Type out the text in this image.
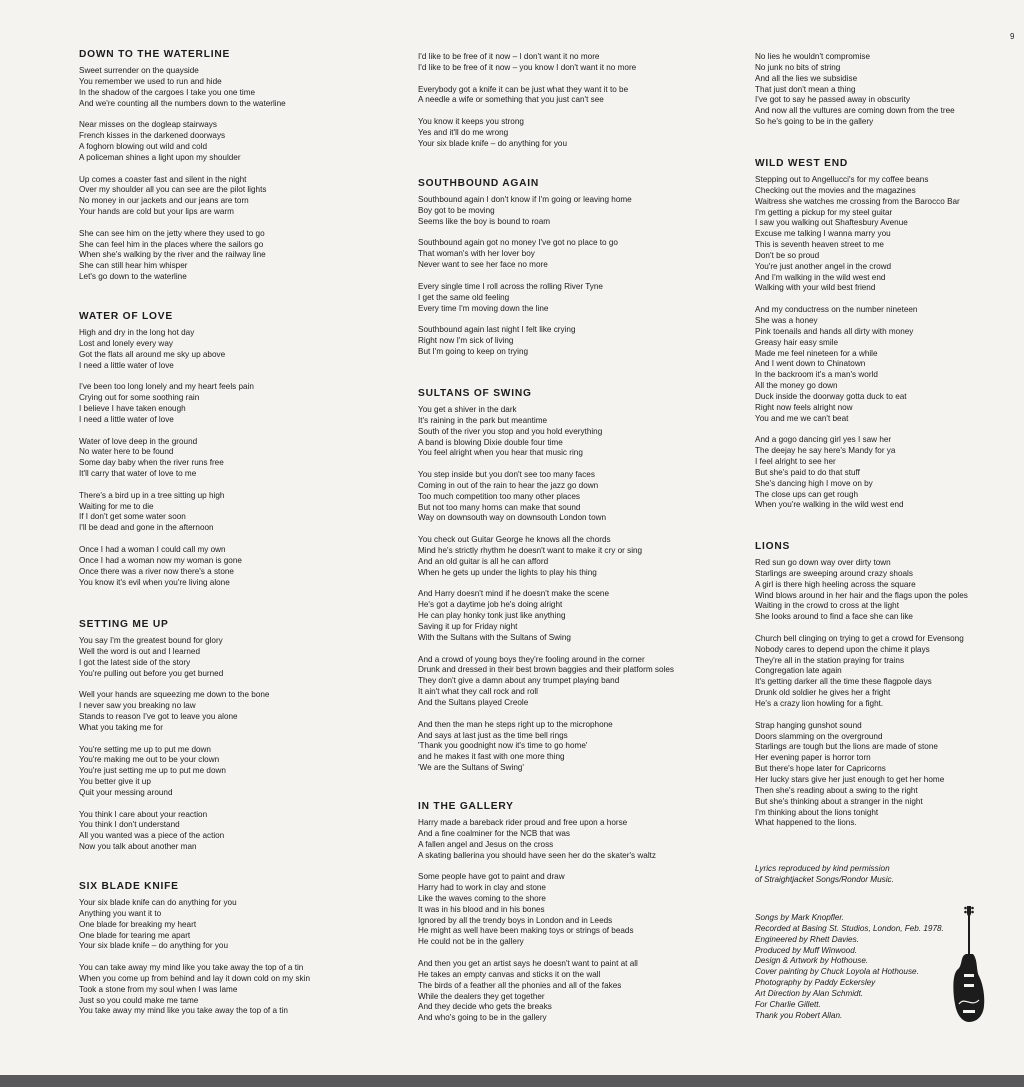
9
DOWN TO THE WATERLINE
Sweet surrender on the quayside
You remember we used to run and hide
In the shadow of the cargoes I take you one time
And we're counting all the numbers down to the waterline
Near misses on the dogleap stairways
French kisses in the darkened doorways
A foghorn blowing out wild and cold
A policeman shines a light upon my shoulder
Up comes a coaster fast and silent in the night
Over my shoulder all you can see are the pilot lights
No money in our jackets and our jeans are torn
Your hands are cold but your lips are warm
She can see him on the jetty where they used to go
She can feel him in the places where the sailors go
When she's walking by the river and the railway line
She can still hear him whisper
Let's go down to the waterline
WATER OF LOVE
High and dry in the long hot day
Lost and lonely every way
Got the flats all around me sky up above
I need a little water of love
I've been too long lonely and my heart feels pain
Crying out for some soothing rain
I believe I have taken enough
I need a little water of love
Water of love deep in the ground
No water here to be found
Some day baby when the river runs free
It'll carry that water of love to me
There's a bird up in a tree sitting up high
Waiting for me to die
If I don't get some water soon
I'll be dead and gone in the afternoon
Once I had a woman I could call my own
Once I had a woman now my woman is gone
Once there was a river now there's a stone
You know it's evil when you're living alone
SETTING ME UP
You say I'm the greatest bound for glory
Well the word is out and I learned
I got the latest side of the story
You're pulling out before you get burned
Well your hands are squeezing me down to the bone
I never saw you breaking no law
Stands to reason I've got to leave you alone
What you taking me for
You're setting me up to put me down
You're making me out to be your clown
You're just setting me up to put me down
You better give it up
Quit your messing around
You think I care about your reaction
You think I don't understand
All you wanted was a piece of the action
Now you talk about another man
SIX BLADE KNIFE
Your six blade knife can do anything for you
Anything you want it to
One blade for breaking my heart
One blade for tearing me apart
Your six blade knife – do anything for you
You can take away my mind like you take away the top of a tin
When you come up from behind and lay it down cold on my skin
Took a stone from my soul when I was lame
Just so you could make me tame
You take away my mind like you take away the top of a tin
I'd like to be free of it now – I don't want it no more
I'd like to be free of it now – you know I don't want it no more
Everybody got a knife it can be just what they want it to be
A needle a wife or something that you just can't see
You know it keeps you strong
Yes and it'll do me wrong
Your six blade knife – do anything for you
SOUTHBOUND AGAIN
Southbound again I don't know if I'm going or leaving home
Boy got to be moving
Seems like the boy is bound to roam
Southbound again got no money I've got no place to go
That woman's with her lover boy
Never want to see her face no more
Every single time I roll across the rolling River Tyne
I get the same old feeling
Every time I'm moving down the line
Southbound again last night I felt like crying
Right now I'm sick of living
But I'm going to keep on trying
SULTANS OF SWING
You get a shiver in the dark
It's raining in the park but meantime
South of the river you stop and you hold everything
A band is blowing Dixie double four time
You feel alright when you hear that music ring
You step inside but you don't see too many faces
Coming in out of the rain to hear the jazz go down
Too much competition too many other places
But not too many horns can make that sound
Way on downsouth way on downsouth London town
You check out Guitar George he knows all the chords
Mind he's strictly rhythm he doesn't want to make it cry or sing
And an old guitar is all he can afford
When he gets up under the lights to play his thing
And Harry doesn't mind if he doesn't make the scene
He's got a daytime job he's doing alright
He can play honky tonk just like anything
Saving it up for Friday night
With the Sultans with the Sultans of Swing
And a crowd of young boys they're fooling around in the corner
Drunk and dressed in their best brown baggies and their platform soles
They don't give a damn about any trumpet playing band
It ain't what they call rock and roll
And the Sultans played Creole
And then the man he steps right up to the microphone
And says at last just as the time bell rings
'Thank you goodnight now it's time to go home'
and he makes it fast with one more thing
'We are the Sultans of Swing'
IN THE GALLERY
Harry made a bareback rider proud and free upon a horse
And a fine coalminer for the NCB that was
A fallen angel and Jesus on the cross
A skating ballerina you should have seen her do the skater's waltz
Some people have got to paint and draw
Harry had to work in clay and stone
Like the waves coming to the shore
It was in his blood and in his bones
Ignored by all the trendy boys in London and in Leeds
He might as well have been making toys or strings of beads
He could not be in the gallery
And then you get an artist says he doesn't want to paint at all
He takes an empty canvas and sticks it on the wall
The birds of a feather all the phonies and all of the fakes
While the dealers they get together
And they decide who gets the breaks
And who's going to be in the gallery
No lies he wouldn't compromise
No junk no bits of string
And all the lies we subsidise
That just don't mean a thing
I've got to say he passed away in obscurity
And now all the vultures are coming down from the tree
So he's going to be in the gallery
WILD WEST END
Stepping out to Angellucci's for my coffee beans
Checking out the movies and the magazines
Waitress she watches me crossing from the Barocco Bar
I'm getting a pickup for my steel guitar
I saw you walking out Shaftesbury Avenue
Excuse me talking I wanna marry you
This is seventh heaven street to me
Don't be so proud
You're just another angel in the crowd
And I'm walking in the wild west end
Walking with your wild best friend
And my conductress on the number nineteen
She was a honey
Pink toenails and hands all dirty with money
Greasy hair easy smile
Made me feel nineteen for a while
And I went down to Chinatown
In the backroom it's a man's world
All the money go down
Duck inside the doorway gotta duck to eat
Right now feels alright now
You and me we can't beat
And a gogo dancing girl yes I saw her
The deejay he say here's Mandy for ya
I feel alright to see her
But she's paid to do that stuff
She's dancing high I move on by
The close ups can get rough
When you're walking in the wild west end
LIONS
Red sun go down way over dirty town
Starlings are sweeping around crazy shoals
A girl is there high heeling across the square
Wind blows around in her hair and the flags upon the poles
Waiting in the crowd to cross at the light
She looks around to find a face she can like
Church bell clinging on trying to get a crowd for Evensong
Nobody cares to depend upon the chime it plays
They're all in the station praying for trains
Congregation late again
It's getting darker all the time these flagpole days
Drunk old soldier he gives her a fright
He's a crazy lion howling for a fight.
Strap hanging gunshot sound
Doors slamming on the overground
Starlings are tough but the lions are made of stone
Her evening paper is horror torn
But there's hope later for Capricorns
Her lucky stars give her just enough to get her home
Then she's reading about a swing to the right
But she's thinking about a stranger in the night
I'm thinking about the lions tonight
What happened to the lions.
Lyrics reproduced by kind permission
of Straightjacket Songs/Rondor Music.
Songs by Mark Knopfler.
Recorded at Basing St. Studios, London, Feb. 1978.
Engineered by Rhett Davies.
Produced by Muff Winwood.
Design & Artwork by Hothouse.
Cover painting by Chuck Loyola at Hothouse.
Photography by Paddy Eckersley
Art Direction by Alan Schmidt.
For Charlie Gillett.
Thank you Robert Allan.
